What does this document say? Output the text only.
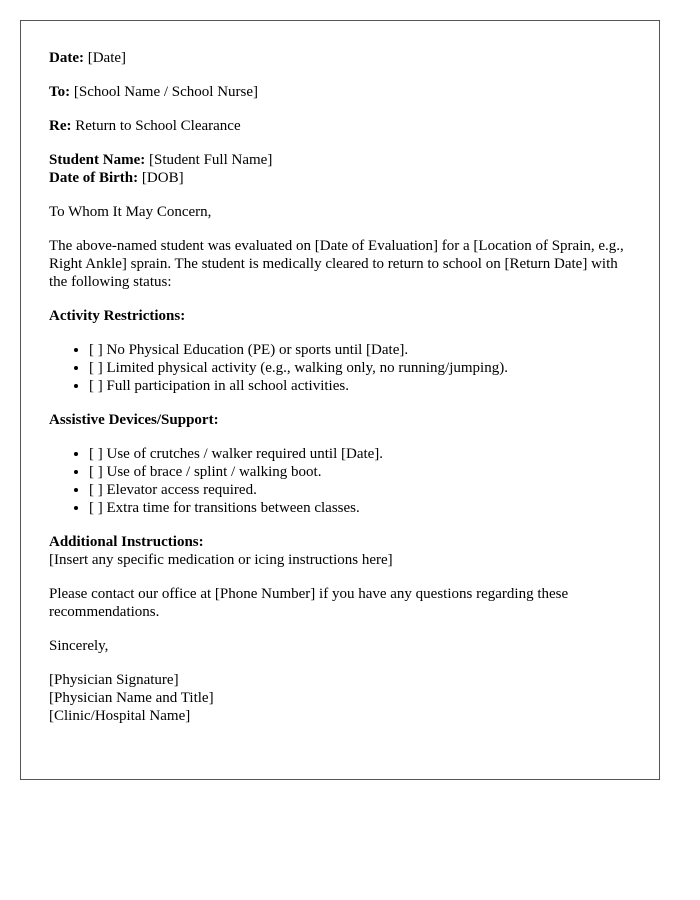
Date: [Date]

To: [School Name / School Nurse]

Re: Return to School Clearance

Student Name: [Student Full Name]
Date of Birth: [DOB]

To Whom It May Concern,

The above-named student was evaluated on [Date of Evaluation] for a [Location of Sprain, e.g., Right Ankle] sprain. The student is medically cleared to return to school on [Return Date] with the following status:

Activity Restrictions:

• [ ] No Physical Education (PE) or sports until [Date].
• [ ] Limited physical activity (e.g., walking only, no running/jumping).
• [ ] Full participation in all school activities.

Assistive Devices/Support:

• [ ] Use of crutches / walker required until [Date].
• [ ] Use of brace / splint / walking boot.
• [ ] Elevator access required.
• [ ] Extra time for transitions between classes.
Additional Instructions:
[Insert any specific medication or icing instructions here]

Please contact our office at [Phone Number] if you have any questions regarding these recommendations.

Sincerely,

[Physician Signature]
[Physician Name and Title]
[Clinic/Hospital Name]
